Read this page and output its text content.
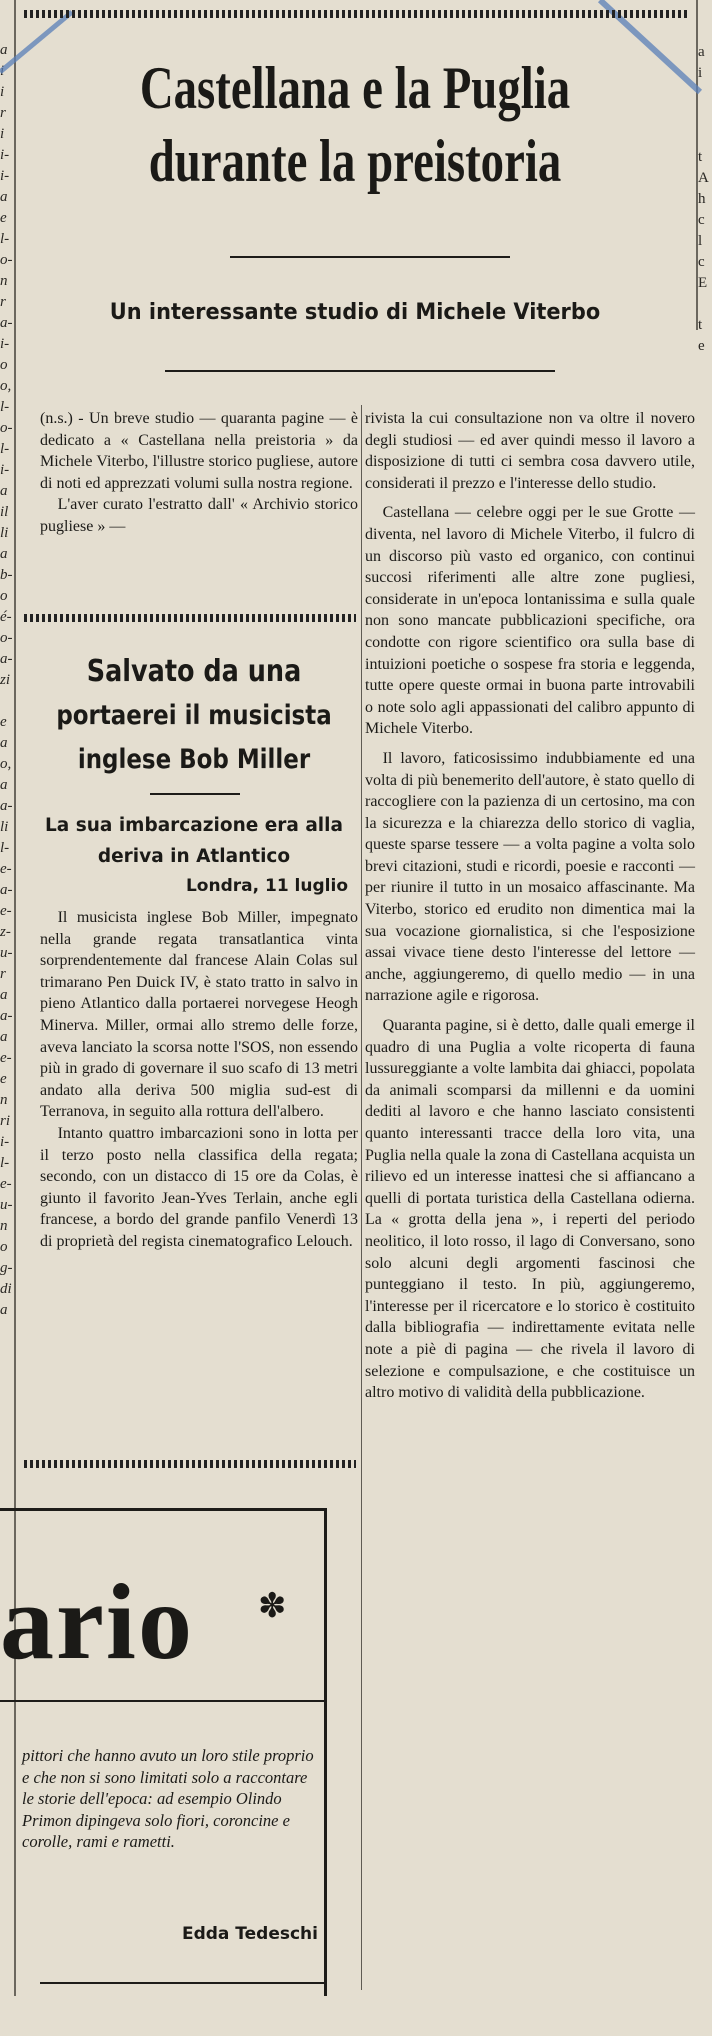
a
i
i
r
i
i-
i-
a
e
l-
o-
n
r
a-
i-
o
o,
l-
o-
l-
i-
a
il
li
a
b-
o
é-
o-
a-
zi
e
a
o,
a
a-
li
l-
e-
a-
e-
z-
u-
r
a
a-
a
e-
e
n
ri
i-
l-
e-
u-
n
o
g-
di
a
a
i
t
A
h
c
l
c
E
t
e
Castellana e la Puglia durante la preistoria
Un interessante studio di Michele Viterbo

(n.s.) - Un breve studio — quaranta pagine — è dedicato a « Castellana nella preistoria » da Michele Viterbo, l'illustre storico pugliese, autore di noti ed apprezzati volumi sulla nostra regione.

L'aver curato l'estratto dall' « Archivio storico pugliese » —

rivista la cui consultazione non va oltre il novero degli studiosi — ed aver quindi messo il lavoro a disposizione di tutti ci sembra cosa davvero utile, considerati il prezzo e l'interesse dello studio.

Castellana — celebre oggi per le sue Grotte — diventa, nel lavoro di Michele Viterbo, il fulcro di un discorso più vasto ed organico, con continui succosi riferimenti alle altre zone pugliesi, considerate in un'epoca lontanissima e sulla quale non sono mancate pubblicazioni specifiche, ora condotte con rigore scientifico ora sulla base di intuizioni poetiche o sospese fra storia e leggenda, tutte opere queste ormai in buona parte introvabili o note solo agli appassionati del calibro appunto di Michele Viterbo.

Il lavoro, faticosissimo indubbiamente ed una volta di più benemerito dell'autore, è stato quello di raccogliere con la pazienza di un certosino, ma con la sicurezza e la chiarezza dello storico di vaglia, queste sparse tessere — a volta pagine a volta solo brevi citazioni, studi e ricordi, poesie e racconti — per riunire il tutto in un mosaico affascinante. Ma Viterbo, storico ed erudito non dimentica mai la sua vocazione giornalistica, si che l'esposizione assai vivace tiene desto l'interesse del lettore — anche, aggiungeremo, di quello medio — in una narrazione agile e rigorosa.

Quaranta pagine, si è detto, dalle quali emerge il quadro di una Puglia a volte ricoperta di fauna lussureggiante a volte lambita dai ghiacci, popolata da animali scomparsi da millenni e da uomini dediti al lavoro e che hanno lasciato consistenti quanto interessanti tracce della loro vita, una Puglia nella quale la zona di Castellana acquista un rilievo ed un interesse inattesi che si affiancano a quelli di portata turistica della Castellana odierna. La « grotta della jena », i reperti del periodo neolitico, il loto rosso, il lago di Conversano, sono solo alcuni degli argomenti fascinosi che punteggiano il testo. In più, aggiungeremo, l'interesse per il ricercatore e lo storico è costituito dalla bibliografia — indirettamente evitata nelle note a piè di pagina — che rivela il lavoro di selezione e compulsazione, e che costituisce un altro motivo di validità della pubblicazione.

Salvato da una
portaerei il musicista
inglese Bob Miller
La sua imbarcazione era alla deriva in Atlantico

Londra, 11 luglio

Il musicista inglese Bob Miller, impegnato nella grande regata transatlantica vinta sorprendentemente dal francese Alain Colas sul trimarano Pen Duick IV, è stato tratto in salvo in pieno Atlantico dalla portaerei norvegese Heogh Minerva. Miller, ormai allo stremo delle forze, aveva lanciato la scorsa notte l'SOS, non essendo più in grado di governare il suo scafo di 13 metri andato alla deriva 500 miglia sud-est di Terranova, in seguito alla rottura dell'albero.

Intanto quattro imbarcazioni sono in lotta per il terzo posto nella classifica della regata; secondo, con un distacco di 15 ore da Colas, è giunto il favorito Jean-Yves Terlain, anche egli francese, a bordo del grande panfilo Venerdì 13 di proprietà del regista cinematografico Lelouch.

ario ✽

pittori che hanno avuto un loro stile proprio e che non si sono limitati solo a raccontare le storie dell'epoca: ad esempio Olindo Primon dipingeva solo fiori, coroncine e corolle, rami e rametti.

Edda Tedeschi
